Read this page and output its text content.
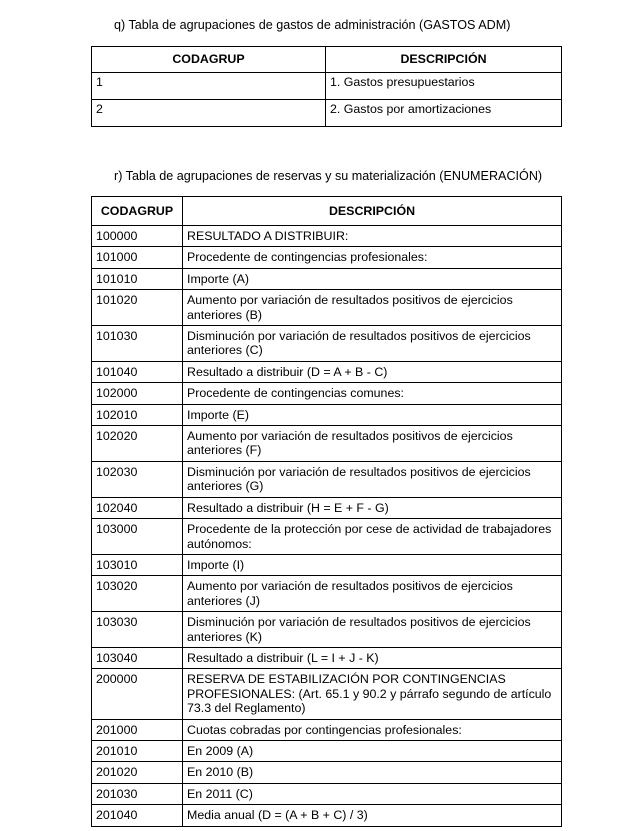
q) Tabla de agrupaciones de gastos de administración (GASTOS ADM)

CODAGRUP	DESCRIPCIÓN
1	1. Gastos presupuestarios
2	2. Gastos por amortizaciones

r) Tabla de agrupaciones de reservas y su materialización (ENUMERACIÓN)

CODAGRUP	DESCRIPCIÓN
100000	RESULTADO A DISTRIBUIR:
101000	Procedente de contingencias profesionales:
101010	Importe (A)
101020	Aumento por variación de resultados positivos de ejercicios anteriores (B)
101030	Disminución por variación de resultados positivos de ejercicios anteriores (C)
101040	Resultado a distribuir (D = A + B - C)
102000	Procedente de contingencias comunes:
102010	Importe (E)
102020	Aumento por variación de resultados positivos de ejercicios anteriores (F)
102030	Disminución por variación de resultados positivos de ejercicios anteriores (G)
102040	Resultado a distribuir (H = E + F - G)
103000	Procedente de la protección por cese de actividad de trabajadores autónomos:
103010	Importe (I)
103020	Aumento por variación de resultados positivos de ejercicios anteriores (J)
103030	Disminución por variación de resultados positivos de ejercicios anteriores (K)
103040	Resultado a distribuir (L = I + J - K)
200000	RESERVA DE ESTABILIZACIÓN POR CONTINGENCIAS PROFESIONALES: (Art. 65.1 y 90.2 y párrafo segundo de artículo 73.3 del Reglamento)
201000	Cuotas cobradas por contingencias profesionales:
201010	En 2009 (A)
201020	En 2010 (B)
201030	En 2011 (C)
201040	Media anual (D = (A + B + C) / 3)
